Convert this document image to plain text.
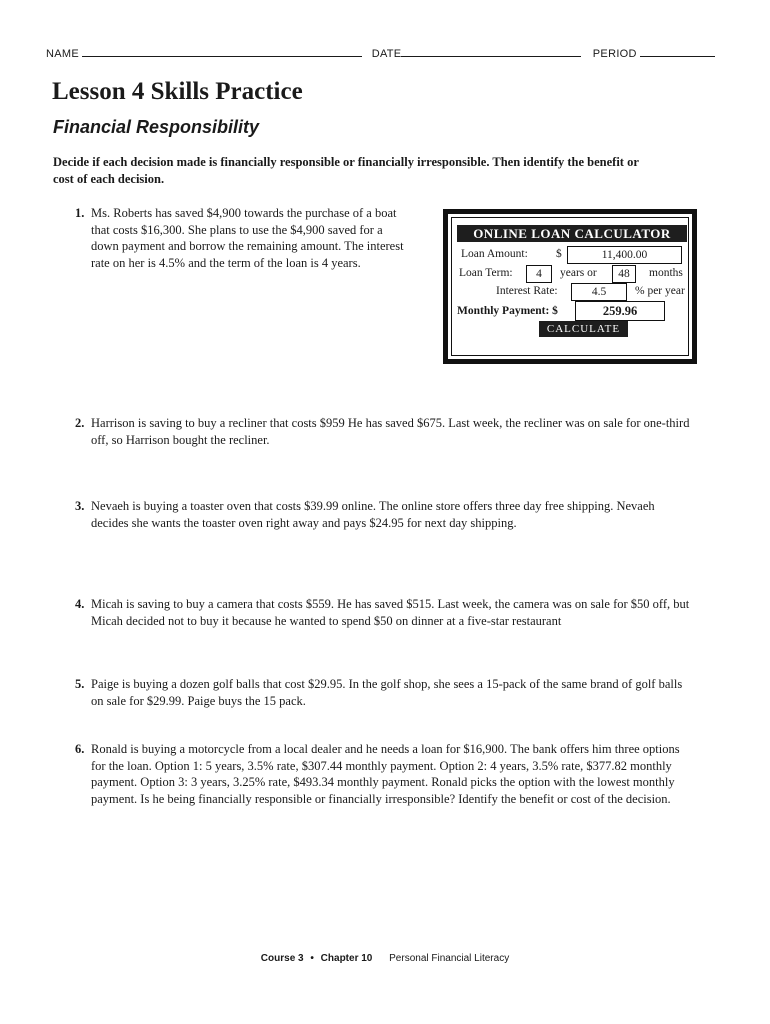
NAME	DATE	PERIOD
Lesson 4 Skills Practice
Financial Responsibility

Decide if each decision made is financially responsible or financially irresponsible. Then identify the benefit or cost of each decision.

1. Ms. Roberts has saved $4,900 towards the purchase of a boat that costs $16,300. She plans to use the $4,900 saved for a down payment and borrow the remaining amount. The interest rate on her is 4.5% and the term of the loan is 4 years.
ONLINE LOAN CALCULATOR
Loan Amount: $	11,400.00
Loan Term:	4	years or	48	months
Interest Rate:	4.5	% per year
Monthly Payment: $	259.96
CALCULATE
2. Harrison is saving to buy a recliner that costs $959 He has saved $675. Last week, the recliner was on sale for one-third off, so Harrison bought the recliner.
3. Nevaeh is buying a toaster oven that costs $39.99 online. The online store offers three day free shipping. Nevaeh decides she wants the toaster oven right away and pays $24.95 for next day shipping.
4. Micah is saving to buy a camera that costs $559. He has saved $515. Last week, the camera was on sale for $50 off, but Micah decided not to buy it because he wanted to spend $50 on dinner at a five-star restaurant
5. Paige is buying a dozen golf balls that cost $29.95. In the golf shop, she sees a 15-pack of the same brand of golf balls on sale for $29.99. Paige buys the 15 pack.
6. Ronald is buying a motorcycle from a local dealer and he needs a loan for $16,900. The bank offers him three options for the loan. Option 1: 5 years, 3.5% rate, $307.44 monthly payment. Option 2: 4 years, 3.5% rate, $377.82 monthly payment. Option 3: 3 years, 3.25% rate, $493.34 monthly payment. Ronald picks the option with the lowest monthly payment. Is he being financially responsible or financially irresponsible? Identify the benefit or cost of the decision.
Course 3 • Chapter 10 Personal Financial Literacy
